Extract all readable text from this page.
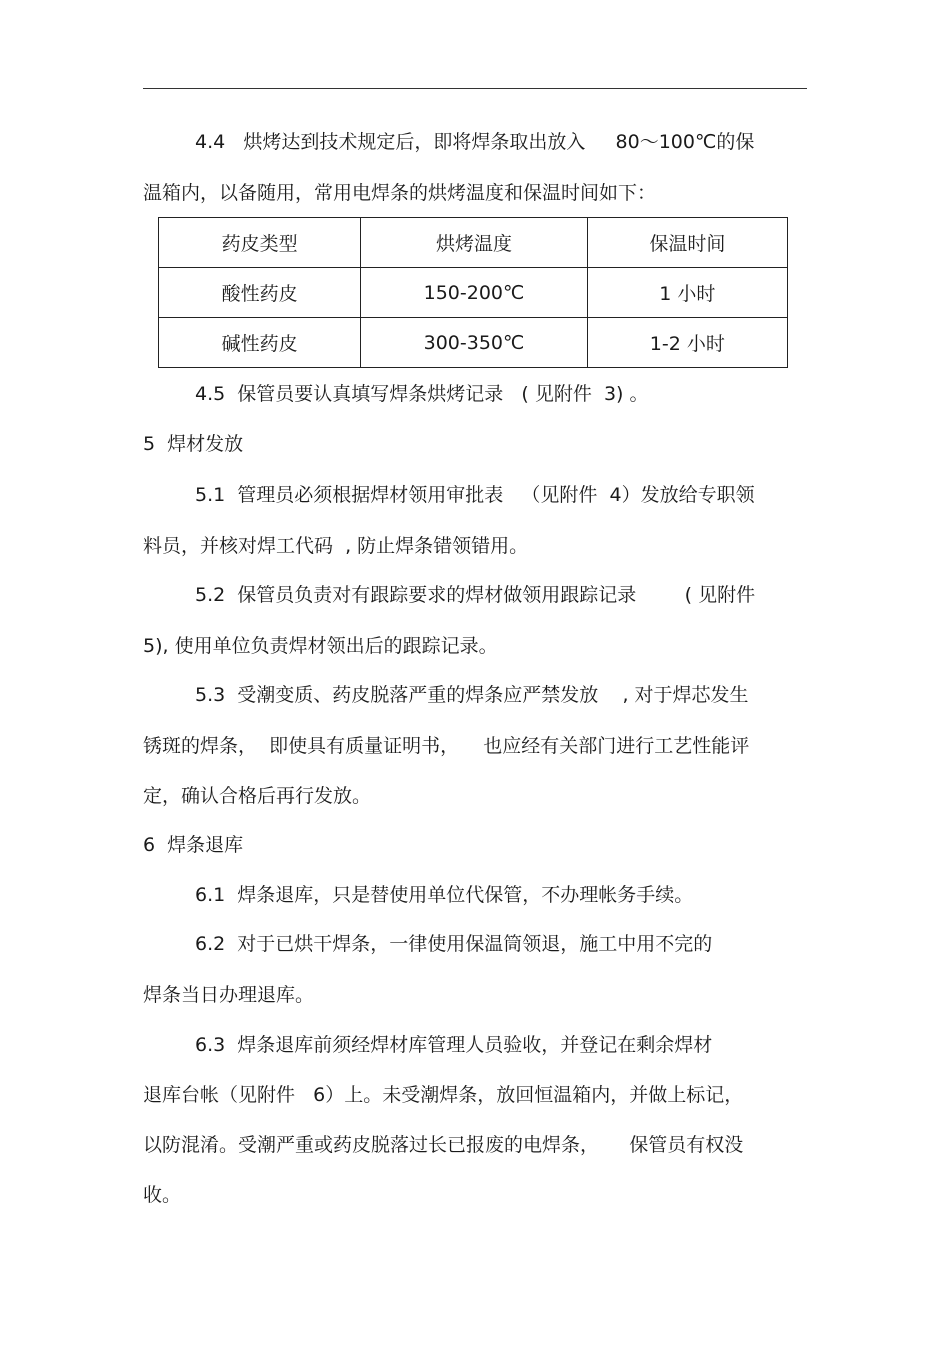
4.4   烘烤达到技术规定后，即将焊条取出放入     80～100℃的保
温箱内，以备随用，常用电焊条的烘烤温度和保温时间如下：
药皮类型	烘烤温度	保温时间
酸性药皮	150-200℃	1 小时
碱性药皮	300-350℃	1-2 小时
4.5  保管员要认真填写焊条烘烤记录   ( 见附件  3) 。
5  焊材发放
5.1  管理员必须根据焊材领用审批表   （见附件  4）发放给专职领
料员，并核对焊工代码  , 防止焊条错领错用。
5.2  保管员负责对有跟踪要求的焊材做领用跟踪记录        ( 见附件
5), 使用单位负责焊材领出后的跟踪记录。
5.3  受潮变质、药皮脱落严重的焊条应严禁发放    , 对于焊芯发生
锈斑的焊条，  即使具有质量证明书，    也应经有关部门进行工艺性能评
定，确认合格后再行发放。
6  焊条退库
6.1  焊条退库，只是替使用单位代保管，不办理帐务手续。
6.2  对于已烘干焊条，一律使用保温筒领退，施工中用不完的
焊条当日办理退库。
6.3  焊条退库前须经焊材库管理人员验收，并登记在剩余焊材
退库台帐（见附件   6）上。未受潮焊条，放回恒温箱内，并做上标记，
以防混淆。受潮严重或药皮脱落过长已报废的电焊条，     保管员有权没
收。
